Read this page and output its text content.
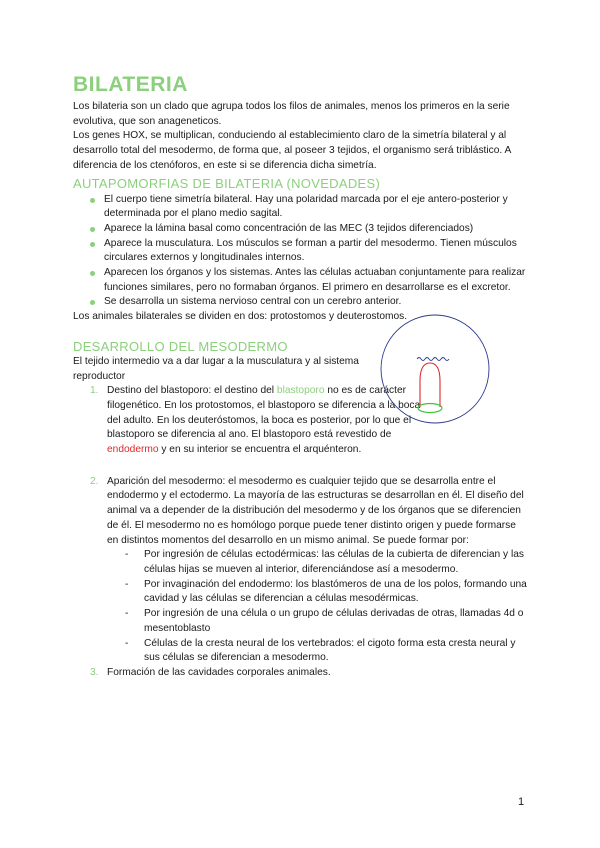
BILATERIA

Los bilateria son un clado que agrupa todos los filos de animales, menos los primeros en la serie evolutiva, que son anageneticos.

Los genes HOX, se multiplican, conduciendo al establecimiento claro de la simetría bilateral y al desarrollo total del mesodermo, de forma que, al poseer 3 tejidos, el organismo será triblástico. A diferencia de los ctenóforos, en este si se diferencia dicha simetría.

AUTAPOMORFIAS DE BILATERIA (NOVEDADES)
El cuerpo tiene simetría bilateral. Hay una polaridad marcada por el eje antero-posterior y determinada por el plano medio sagital.
Aparece la lámina basal como concentración de las MEC (3 tejidos diferenciados)
Aparece la musculatura. Los músculos se forman a partir del mesodermo. Tienen músculos circulares externos y longitudinales internos.
Aparecen los órganos y los sistemas. Antes las células actuaban conjuntamente para realizar funciones similares, pero no formaban órganos. El primero en desarrollarse es el excretor.
Se desarrolla un sistema nervioso central con un cerebro anterior.

Los animales bilaterales se dividen en dos: protostomos y deuterostomos.

DESARROLLO DEL MESODERMO

El tejido intermedio va a dar lugar a la musculatura y al sistema reproductor

1. Destino del blastoporo: el destino del blastoporo no es de carácter filogenético. En los protostomos, el blastoporo se diferencia a la boca del adulto. En los deuteróstomos, la boca es posterior, por lo que el blastoporo se diferencia al ano. El blastoporo está revestido de endodermo y en su interior se encuentra el arquénteron.
2. Aparición del mesodermo: el mesodermo es cualquier tejido que se desarrolla entre el endodermo y el ectodermo. La mayoría de las estructuras se desarrollan en él. El diseño del animal va a depender de la distribución del mesodermo y de los órganos que se diferencien de él. El mesodermo no es homólogo porque puede tener distinto origen y puede formarse
en distintos momentos del desarrollo en un mismo animal. Se puede formar por:
- Por ingresión de células ectodérmicas: las células de la cubierta de diferencian y las células hijas se mueven al interior, diferenciándose así a mesodermo.
- Por invaginación del endodermo: los blastómeros de una de los polos, formando una cavidad y las células se diferencian a células mesodérmicas.
- Por ingresión de una célula o un grupo de células derivadas de otras, llamadas 4d o mesentoblasto
- Células de la cresta neural de los vertebrados: el cigoto forma esta cresta neural y sus células se diferencian a mesodermo.
3. Formación de las cavidades corporales animales.
1
